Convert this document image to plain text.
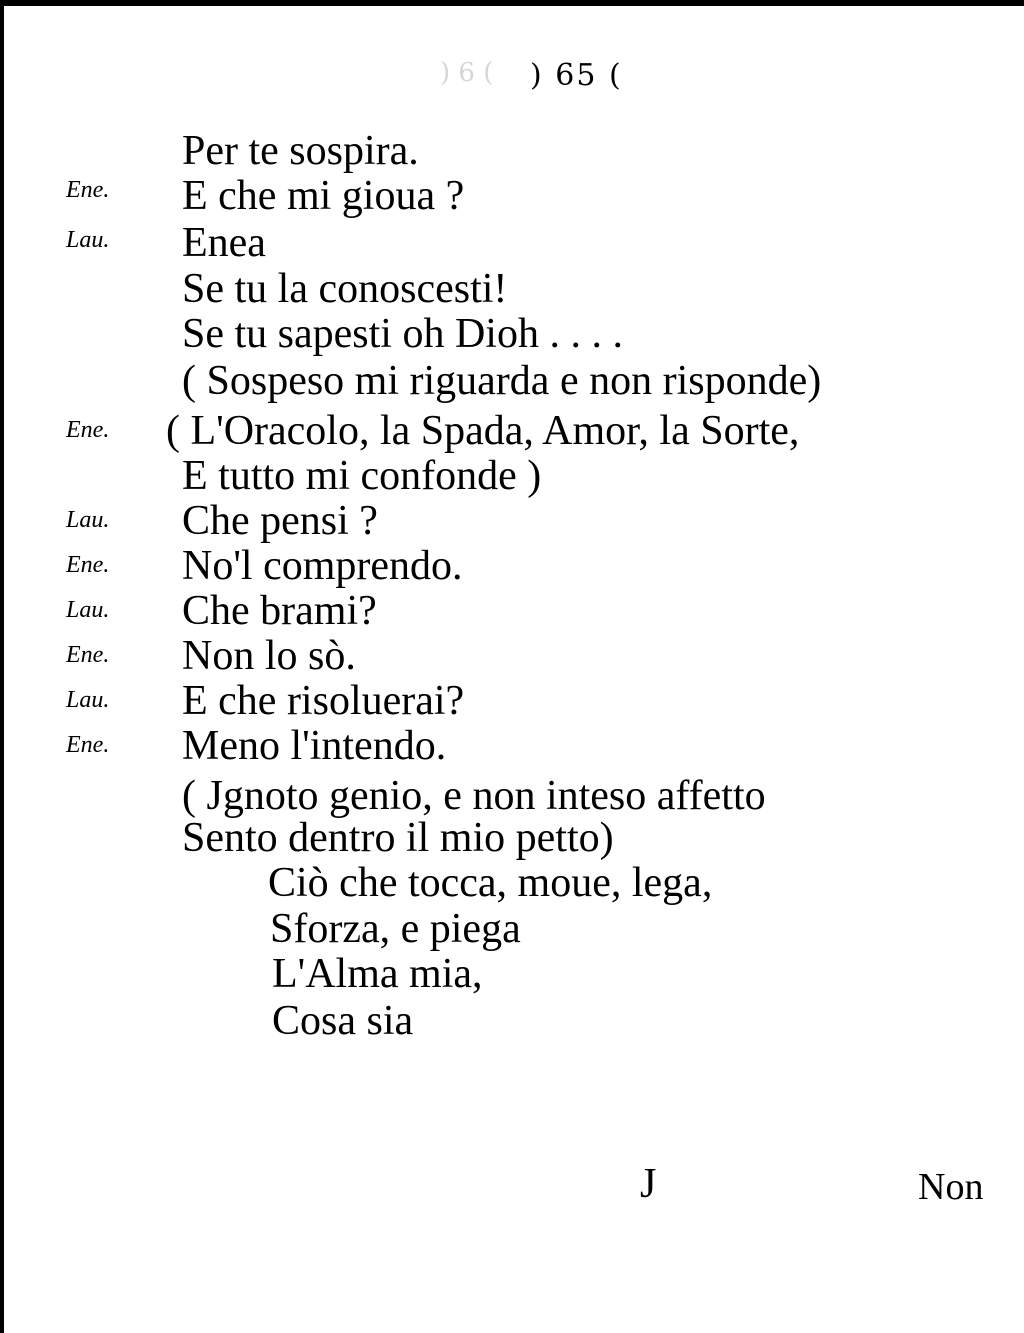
) 6 ( ) 65 (
Ene.
Lau.
Ene.
Lau.
Ene.
Lau.
Ene.
Lau.
Ene.
Per te sospira.
E che mi gioua ?
Enea
Se tu la conoscesti!
Se tu sapesti oh Dioh . . . .
( Sospeso mi riguarda e non risponde)
( L'Oracolo, la Spada, Amor, la Sorte,
E tutto mi confonde )
Che pensi ?
No'l comprendo.
Che brami?
Non lo sò.
E che risoluerai?
Meno l'intendo.
( Jgnoto genio, e non inteso affetto
Sento dentro il mio petto)
Ciò che tocca, moue, lega,
Sforza, e piega
L'Alma mia,
Cosa sia
J	Non
